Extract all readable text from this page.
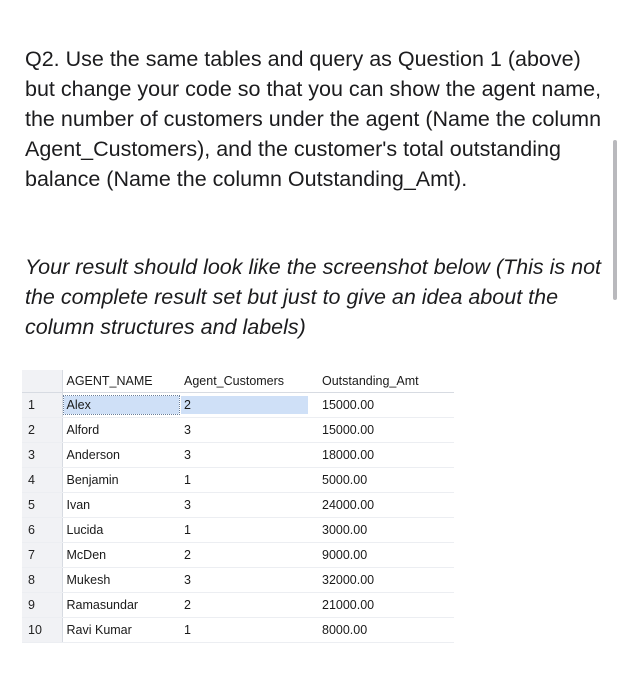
Q2. Use the same tables and query as Question 1 (above) but change your code so that you can show the agent name, the number of customers under the agent (Name the column Agent_Customers), and the customer's total outstanding balance (Name the column Outstanding_Amt).

Your result should look like the screenshot below (This is not the complete result set but just to give an idea about the column structures and labels)

	AGENT_NAME	Agent_Customers	Outstanding_Amt
1	Alex	2	15000.00
2	Alford	3	15000.00
3	Anderson	3	18000.00
4	Benjamin	1	5000.00
5	Ivan	3	24000.00
6	Lucida	1	3000.00
7	McDen	2	9000.00
8	Mukesh	3	32000.00
9	Ramasundar	2	21000.00
10	Ravi Kumar	1	8000.00
